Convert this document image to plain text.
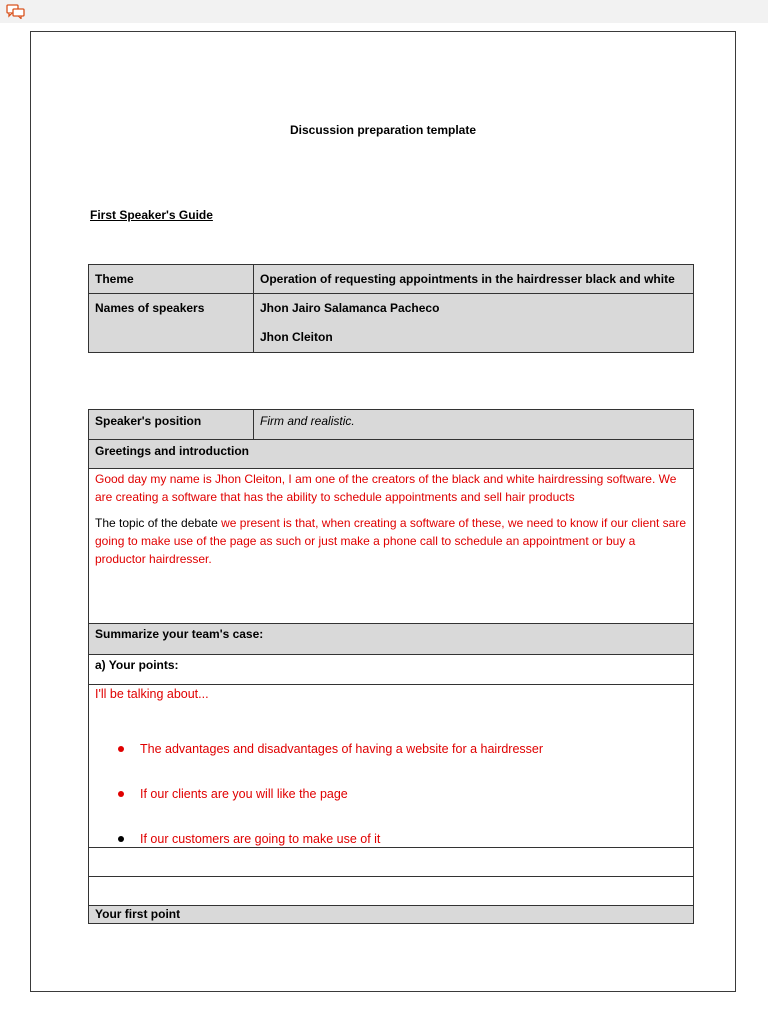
Discussion preparation template
First Speaker's Guide
Theme	Operation of requesting appointments in the hairdresser black and white
Names of speakers	Jhon Jairo Salamanca Pacheco
Jhon Cleiton
Speaker's position	Firm and realistic.
Greetings and introduction

Good day my name is Jhon Cleiton, I am one of the creators of the black and white hairdressing software. We are creating a software that has the ability to schedule appointments and sell hair products
The topic of the debate we present is that, when creating a software of these, we need to know if our client sare going to make use of the page as such or just make a phone call to schedule an appointment or buy a productor hairdresser.

Summarize your team's case:
a) Your points:

I'll be talking about...
The advantages and disadvantages of having a website for a hairdresser
If our clients are you will like the page
If our customers are going to make use of it

Your first point
